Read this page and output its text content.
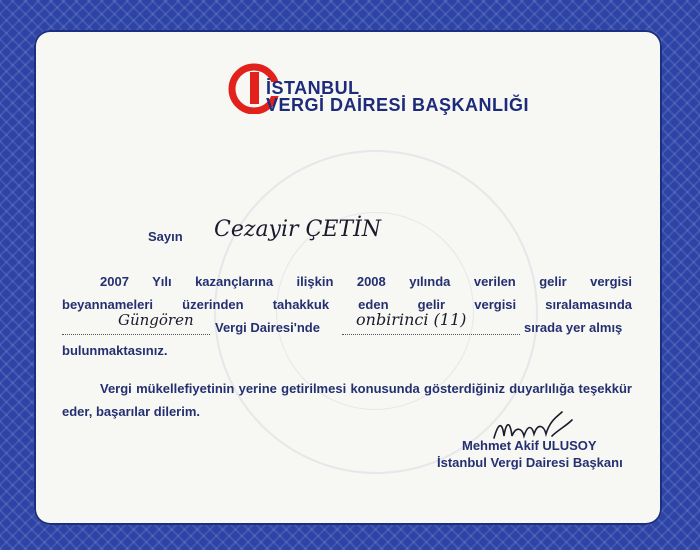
İSTANBUL
VERGİ DAİRESİ BAŞKANLIĞI
Sayın Cezayir ÇETİN
2007 Yılı kazançlarına ilişkin 2008 yılında verilen gelir vergisi
beyannameleri üzerinden tahakkuk eden gelir vergisi sıralamasında
Güngören Vergi Dairesi'nde onbirinci (11)	sırada yer almış
bulunmaktasınız.
Vergi mükellefiyetinin yerine getirilmesi konusunda gösterdiğiniz duyarlılığa teşekkür
eder, başarılar dilerim.
Mehmet Akif ULUSOY
İstanbul Vergi Dairesi Başkanı
